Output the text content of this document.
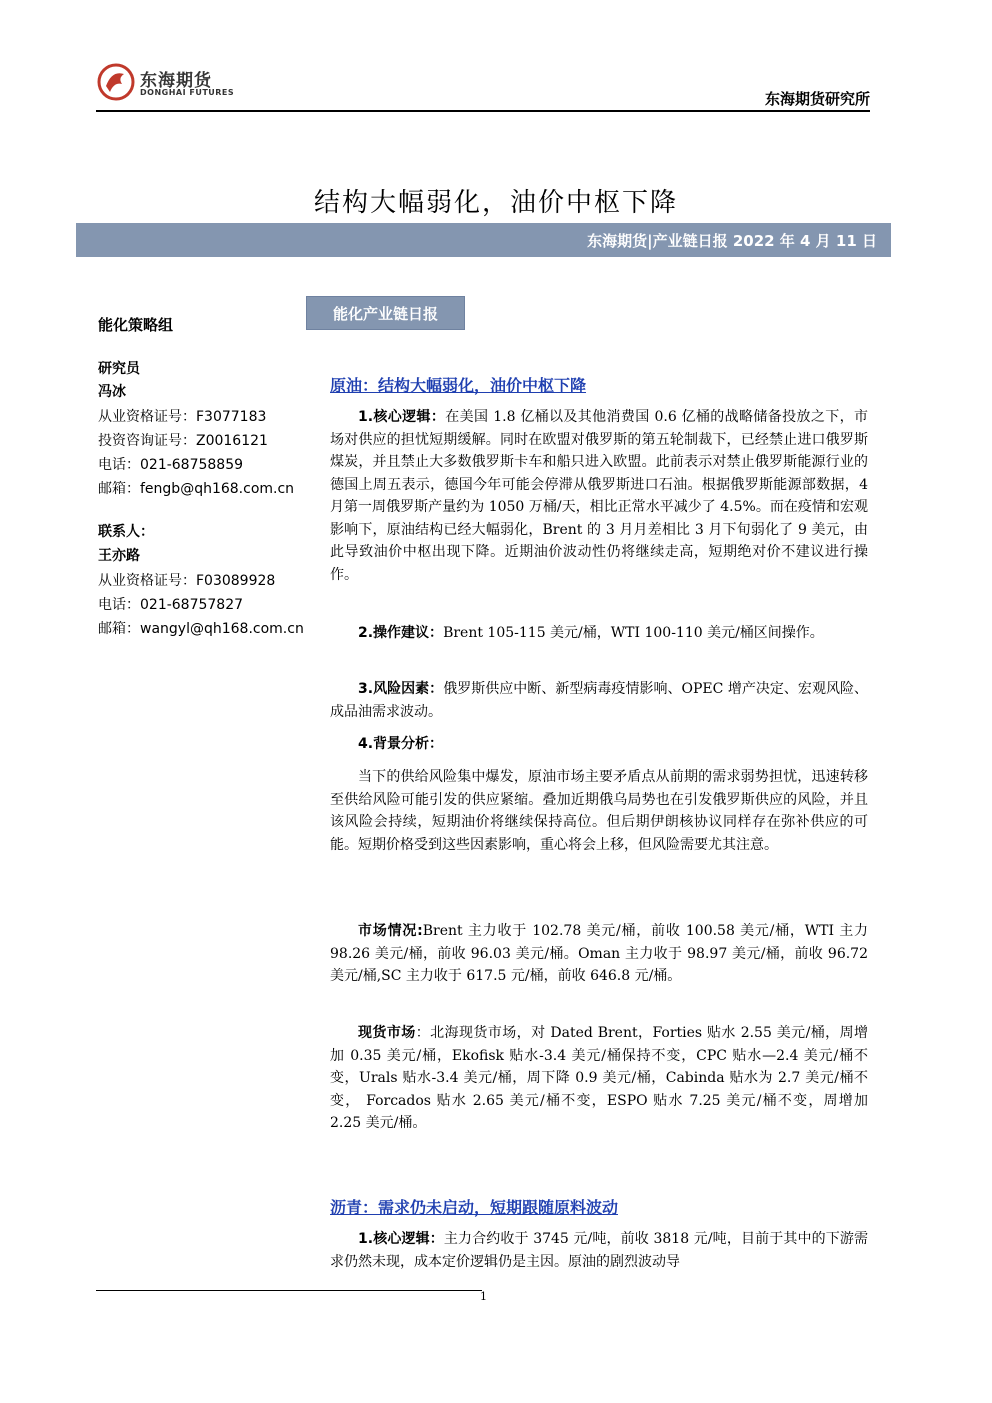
东海期货
DONGHAI FUTURES	东海期货研究所
结构大幅弱化，油价中枢下降
东海期货|产业链日报 2022 年 4 月 11 日
能化策略组
研究员
冯冰
从业资格证号：F3077183
投资咨询证号：Z0016121
电话：021-68758859
邮箱：fengb@qh168.com.cn
联系人：
王亦路
从业资格证号：F03089928
电话：021-68757827
邮箱：wangyl@qh168.com.cn
能化产业链日报
原油：结构大幅弱化，油价中枢下降
1.核心逻辑：在美国 1.8 亿桶以及其他消费国 0.6 亿桶的战略储备投放之下，市场对供应的担忧短期缓解。同时在欧盟对俄罗斯的第五轮制裁下，已经禁止进口俄罗斯煤炭，并且禁止大多数俄罗斯卡车和船只进入欧盟。此前表示对禁止俄罗斯能源行业的德国上周五表示，德国今年可能会停滞从俄罗斯进口石油。根据俄罗斯能源部数据，4 月第一周俄罗斯产量约为 1050 万桶/天，相比正常水平减少了 4.5%。而在疫情和宏观影响下，原油结构已经大幅弱化，Brent 的 3 月月差相比 3 月下旬弱化了 9 美元，由此导致油价中枢出现下降。近期油价波动性仍将继续走高，短期绝对价不建议进行操作。
2.操作建议：Brent 105-115 美元/桶，WTI 100-110 美元/桶区间操作。
3.风险因素：俄罗斯供应中断、新型病毒疫情影响、OPEC 增产决定、宏观风险、成品油需求波动。
4.背景分析：
当下的供给风险集中爆发，原油市场主要矛盾点从前期的需求弱势担忧，迅速转移至供给风险可能引发的供应紧缩。叠加近期俄乌局势也在引发俄罗斯供应的风险，并且该风险会持续，短期油价将继续保持高位。但后期伊朗核协议同样存在弥补供应的可能。短期价格受到这些因素影响，重心将会上移，但风险需要尤其注意。
市场情况:Brent 主力收于 102.78 美元/桶，前收 100.58 美元/桶，WTI 主力 98.26 美元/桶，前收 96.03 美元/桶。Oman 主力收于 98.97 美元/桶，前收 96.72 美元/桶,SC 主力收于 617.5 元/桶，前收 646.8 元/桶。
现货市场：北海现货市场，对 Dated Brent，Forties 贴水 2.55 美元/桶，周增加 0.35 美元/桶，Ekofisk 贴水-3.4 美元/桶保持不变，CPC 贴水—2.4 美元/桶不变，Urals 贴水-3.4 美元/桶，周下降 0.9 美元/桶，Cabinda 贴水为 2.7 美元/桶不变， Forcados 贴水 2.65 美元/桶不变，ESPO 贴水 7.25 美元/桶不变，周增加 2.25 美元/桶。
沥青：需求仍未启动，短期跟随原料波动
1.核心逻辑：主力合约收于 3745 元/吨，前收 3818 元/吨，目前于其中的下游需求仍然未现，成本定价逻辑仍是主因。原油的剧烈波动导
1
